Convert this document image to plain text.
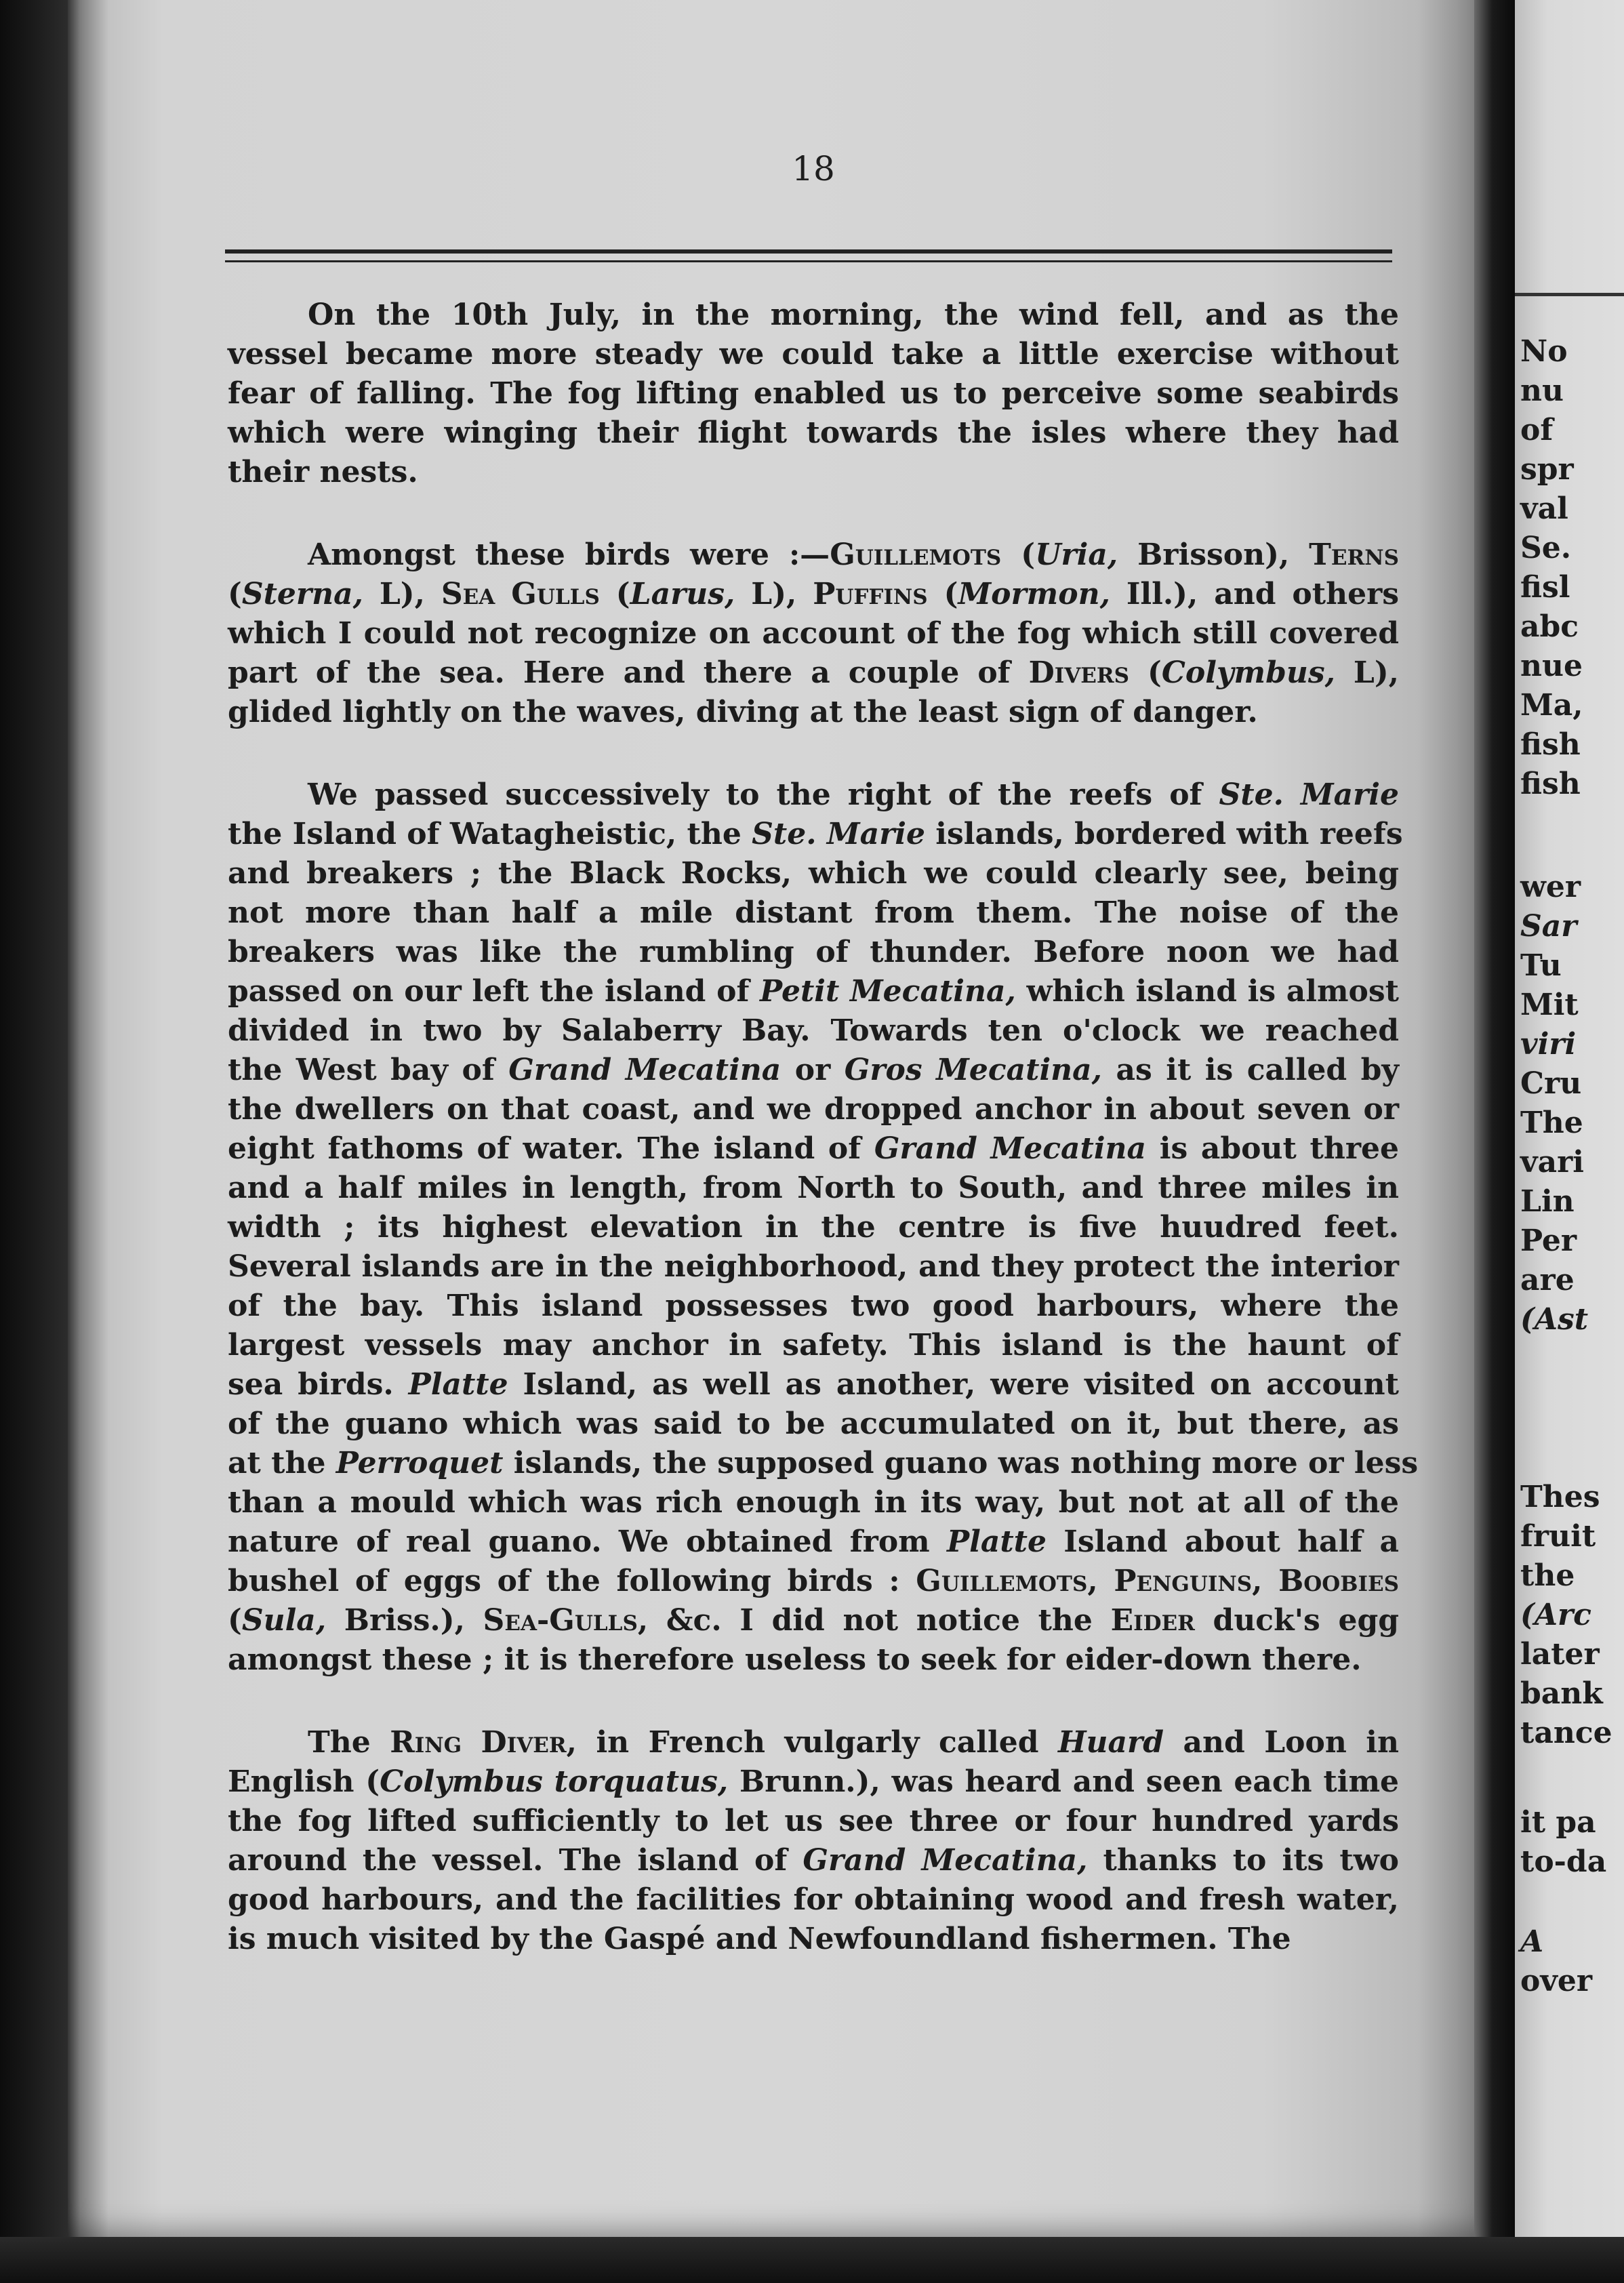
18
On the 10th July, in the morning, the wind fell, and as the
vessel became more steady we could take a little exercise without
fear of falling. The fog lifting enabled us to perceive some seabirds
which were winging their flight towards the isles where they had
their nests.
Amongst these birds were :—Guillemots (Uria, Brisson), Terns
(Sterna, L), Sea Gulls (Larus, L), Puffins (Mormon, Ill.), and others
which I could not recognize on account of the fog which still covered
part of the sea. Here and there a couple of Divers (Colymbus, L),
glided lightly on the waves, diving at the least sign of danger.
We passed successively to the right of the reefs of Ste. Marie
the Island of Watagheistic, the Ste. Marie islands, bordered with reefs
and breakers ; the Black Rocks, which we could clearly see, being
not more than half a mile distant from them. The noise of the
breakers was like the rumbling of thunder. Before noon we had
passed on our left the island of Petit Mecatina, which island is almost
divided in two by Salaberry Bay. Towards ten o'clock we reached
the West bay of Grand Mecatina or Gros Mecatina, as it is called by
the dwellers on that coast, and we dropped anchor in about seven or
eight fathoms of water. The island of Grand Mecatina is about three
and a half miles in length, from North to South, and three miles in
width ; its highest elevation in the centre is five huudred feet.
Several islands are in the neighborhood, and they protect the interior
of the bay. This island possesses two good harbours, where the
largest vessels may anchor in safety. This island is the haunt of
sea birds. Platte Island, as well as another, were visited on account
of the guano which was said to be accumulated on it, but there, as
at the Perroquet islands, the supposed guano was nothing more or less
than a mould which was rich enough in its way, but not at all of the
nature of real guano. We obtained from Platte Island about half a
bushel of eggs of the following birds : Guillemots, Penguins, Boobies
(Sula, Briss.), Sea-Gulls, &c. I did not notice the Eider duck's egg
amongst these ; it is therefore useless to seek for eider-down there.
The Ring Diver, in French vulgarly called Huard and Loon in
English (Colymbus torquatus, Brunn.), was heard and seen each time
the fog lifted sufficiently to let us see three or four hundred yards
around the vessel. The island of Grand Mecatina, thanks to its two
good harbours, and the facilities for obtaining wood and fresh water,
is much visited by the Gaspé and Newfoundland fishermen. The
No
nu
of
spr
val
Se.
fisl
abc
nue
Ma,
fish
fish
wer
Sar
Tu
Mit
viri
Cru
The
vari
Lin
Per
are
(Ast
Thes
fruit
the
(Arc
later
bank
tance
it pa
to-da
A
over
